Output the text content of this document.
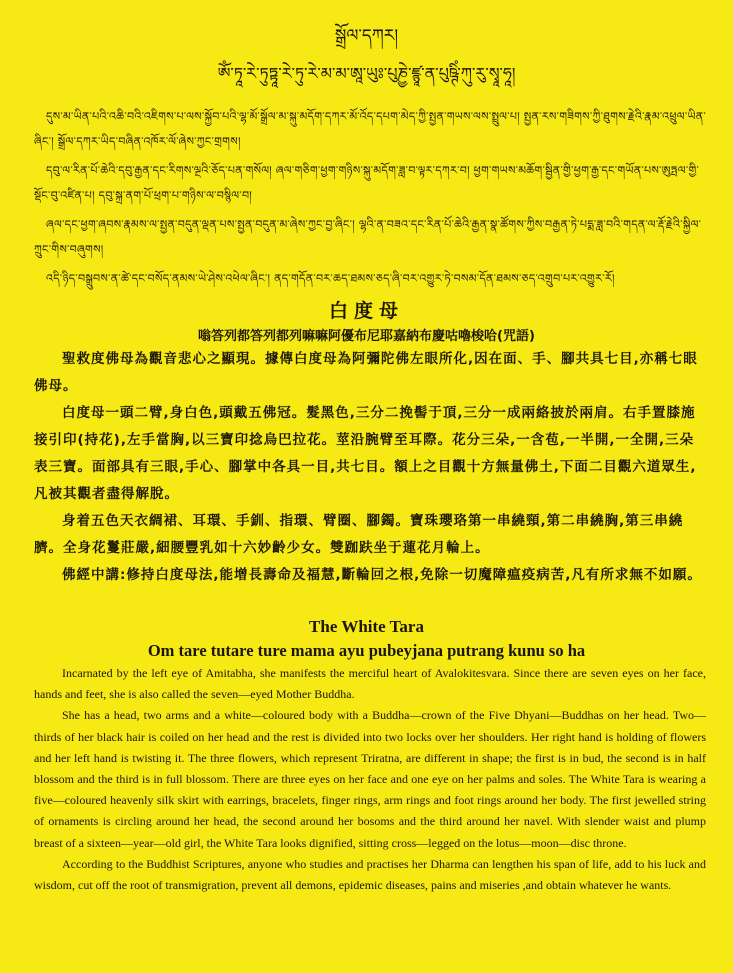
སྒྲོལ་དཀར།
ཨོཾ་ཏཱ་རེ་ཏུཏྟཱ་རེ་ཏུ་རེ་མ་མ་ཨཱ་ཡུཿ་པུཎྱེ་ཛྙཱ་ན་པུཥྚིཾ་ཀུ་རུ་སྭཱ་ཧཱ།

དུས་མ་ཡིན་པའི་འཆི་བའི་འཇིགས་པ་ལས་སྐྱོབ་པའི་ལྷ་མོ་སྒྲོལ་མ་སྐུ་མདོག་དཀར་མོ་འོད་དཔག་མེད་ཀྱི་སྤྱན་གཡས་ལས་སྤྲུལ་པ། སྤྱན་རས་གཟིགས་ཀྱི་ཐུགས་རྗེའི་རྣམ་འཕྲུལ་ཡིན་ཞིང་། སྒྲོལ་དཀར་ཡིད་བཞིན་འཁོར་ལོ་ཞེས་ཀྱང་གྲགས།

དབུ་ལ་རིན་པོ་ཆེའི་དབུ་རྒྱན་དང་རིགས་ལྔའི་ཅོད་པན་གསོལ། ཞལ་གཅིག་ཕྱག་གཉིས་སྐུ་མདོག་ཟླ་བ་ལྟར་དཀར་བ། ཕྱག་གཡས་མཆོག་སྦྱིན་གྱི་ཕྱག་རྒྱ་དང་གཡོན་པས་ཨུཏྤལ་གྱི་སྡོང་བུ་འཛིན་པ། དབུ་སྐྲ་ནག་པོ་ཕྲག་པ་གཉིས་ལ་བསྙིལ་བ།

ཞལ་དང་ཕྱག་ཞབས་རྣམས་ལ་སྤྱན་བདུན་ལྡན་པས་སྤྱན་བདུན་མ་ཞེས་ཀྱང་བྱ་ཞིང་། ལྷའི་ན་བཟའ་དང་རིན་པོ་ཆེའི་རྒྱན་སྣ་ཚོགས་ཀྱིས་བརྒྱན་ཏེ་པདྨ་ཟླ་བའི་གདན་ལ་རྡོ་རྗེའི་སྐྱིལ་ཀྲུང་གིས་བཞུགས།

འདི་ཉིད་བསྒྲུབས་ན་ཚེ་དང་བསོད་ནམས་ཡེ་ཤེས་འཕེལ་ཞིང་། ནད་གདོན་བར་ཆད་ཐམས་ཅད་ཞི་བར་འགྱུར་ཏེ་བསམ་དོན་ཐམས་ཅད་འགྲུབ་པར་འགྱུར་རོ།

白度母
嗡答列都答列都列嘛嘛阿優布尼耶嘉納布慶咕嚕梭哈(咒語)

聖救度佛母為觀音悲心之顯現。據傳白度母為阿彌陀佛左眼所化,因在面、手、腳共具七目,亦稱七眼佛母。

白度母一頭二臂,身白色,頭戴五佛冠。髮黑色,三分二挽髻于頂,三分一成兩絡披於兩肩。右手置膝施接引印(持花),左手當胸,以三寶印捻烏巴拉花。莖沿腕臂至耳際。花分三朵,一含苞,一半開,一全開,三朵表三寶。面部具有三眼,手心、腳掌中各具一目,共七目。額上之目觀十方無量佛土,下面二目觀六道眾生,凡被其觀者盡得解脫。

身着五色天衣綢裙、耳環、手釧、指環、臂圈、腳鐲。寶珠瓔珞第一串繞頸,第二串繞胸,第三串繞臍。全身花鬘莊嚴,細腰豐乳如十六妙齡少女。雙跏趺坐于蓮花月輪上。

佛經中講:修持白度母法,能增長壽命及福慧,斷輪回之根,免除一切魔障瘟疫病苦,凡有所求無不如願。

The White Tara
Om tare tutare ture mama ayu pubeyjana putrang kunu so ha

Incarnated by the left eye of Amitabha, she manifests the merciful heart of Avalokitesvara. Since there are seven eyes on her face, hands and feet, she is also called the seven—eyed Mother Buddha.

She has a head, two arms and a white—coloured body with a Buddha—crown of the Five Dhyani—Buddhas on her head. Two—thirds of her black hair is coiled on her head and the rest is divided into two locks over her shoulders. Her right hand is holding of flowers and her left hand is twisting it. The three flowers, which represent Triratna, are different in shape; the first is in bud, the second is in half blossom and the third is in full blossom. There are three eyes on her face and one eye on her palms and soles. The White Tara is wearing a five—coloured heavenly silk skirt with earrings, bracelets, finger rings, arm rings and foot rings around her body. The first jewelled string of ornaments is circling around her head, the second around her bosoms and the third around her navel. With slender waist and plump breast of a sixteen—year—old girl, the White Tara looks dignified, sitting cross—legged on the lotus—moon—disc throne.

According to the Buddhist Scriptures, anyone who studies and practises her Dharma can lengthen his span of life, add to his luck and wisdom, cut off the root of transmigration, prevent all demons, epidemic diseases, pains and miseries ,and obtain whatever he wants.
